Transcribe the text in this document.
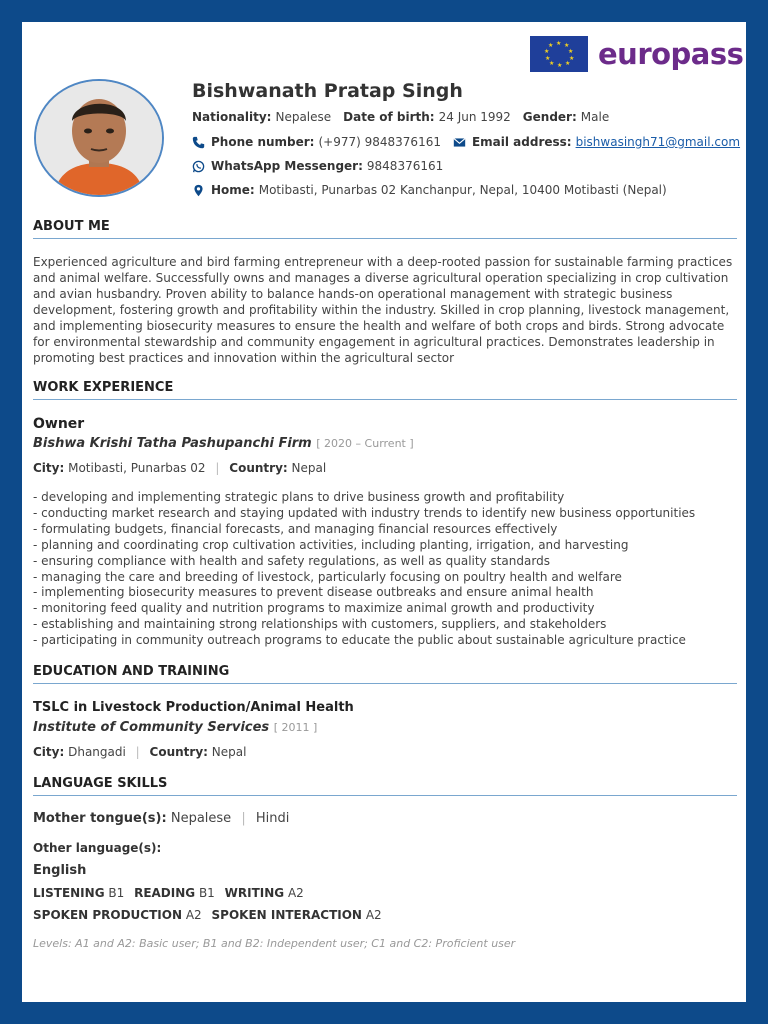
★ ★
★
★
★
★
★
★
★
★ europass
Bishwanath Pratap Singh
Nationality: Nepalese Date of birth: 24 Jun 1992 Gender: Male
Phone number: (+977) 9848376161	Email address: bishwasingh71@gmail.com
WhatsApp Messenger: 9848376161
Home: Motibasti, Punarbas 02 Kanchanpur, Nepal, 10400 Motibasti (Nepal)
ABOUT ME

Experienced agriculture and bird farming entrepreneur with a deep-rooted passion for sustainable farming practices and animal welfare. Successfully owns and manages a diverse agricultural operation specializing in crop cultivation and avian husbandry. Proven ability to balance hands-on operational management with strategic business development, fostering growth and profitability within the industry. Skilled in crop planning, livestock management, and implementing biosecurity measures to ensure the health and welfare of both crops and birds. Strong advocate for environmental stewardship and community engagement in agricultural practices. Demonstrates leadership in promoting best practices and innovation within the agricultural sector

WORK EXPERIENCE
Owner
Bishwa Krishi Tatha Pashupanchi Firm [ 2020 – Current ]
City: Motibasti, Punarbas 02 | Country: Nepal
- developing and implementing strategic plans to drive business growth and profitability
- conducting market research and staying updated with industry trends to identify new business opportunities
- formulating budgets, financial forecasts, and managing financial resources effectively
- planning and coordinating crop cultivation activities, including planting, irrigation, and harvesting
- ensuring compliance with health and safety regulations, as well as quality standards
- managing the care and breeding of livestock, particularly focusing on poultry health and welfare
- implementing biosecurity measures to prevent disease outbreaks and ensure animal health
- monitoring feed quality and nutrition programs to maximize animal growth and productivity
- establishing and maintaining strong relationships with customers, suppliers, and stakeholders
- participating in community outreach programs to educate the public about sustainable agriculture practice
EDUCATION AND TRAINING
TSLC in Livestock Production/Animal Health
Institute of Community Services [ 2011 ]
City: Dhangadi | Country: Nepal
LANGUAGE SKILLS
Mother tongue(s): Nepalese | Hindi
Other language(s):
English
LISTENING B1 READING B1 WRITING A2
SPOKEN PRODUCTION A2 SPOKEN INTERACTION A2
Levels: A1 and A2: Basic user; B1 and B2: Independent user; C1 and C2: Proficient user
